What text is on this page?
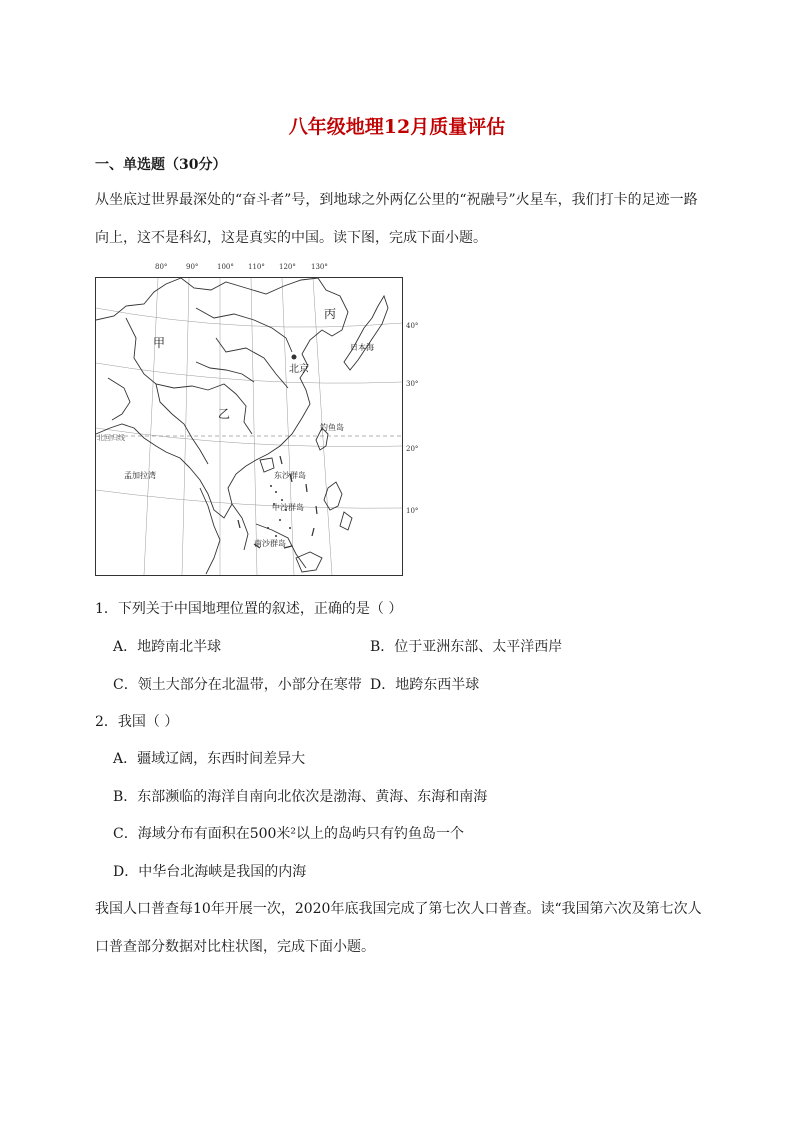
八年级地理12月质量评估
一、单选题（30分）
从坐底过世界最深处的“奋斗者”号，到地球之外两亿公里的“祝融号”火星车，我们打卡的足迹一路
向上，这不是科幻，这是真实的中国。读下图，完成下面小题。
80°	90°	100° 110° 120° 130°
40°
30°
20°
10°
甲
乙
丙
北京
日本海
钓鱼岛
北回归线
孟加拉湾	东沙群岛
中沙群岛
南沙群岛
1．下列关于中国地理位置的叙述，正确的是（ ）
A．地跨南北半球	B．位于亚洲东部、太平洋西岸
C．领土大部分在北温带，小部分在寒带 D．地跨东西半球
2．我国（ ）
A．疆域辽阔，东西时间差异大
B．东部濒临的海洋自南向北依次是渤海、黄海、东海和南海
C．海域分布有面积在500米²以上的岛屿只有钓鱼岛一个
D．中华台北海峡是我国的内海
我国人口普查每10年开展一次，2020年底我国完成了第七次人口普查。读“我国第六次及第七次人
口普查部分数据对比柱状图，完成下面小题。
